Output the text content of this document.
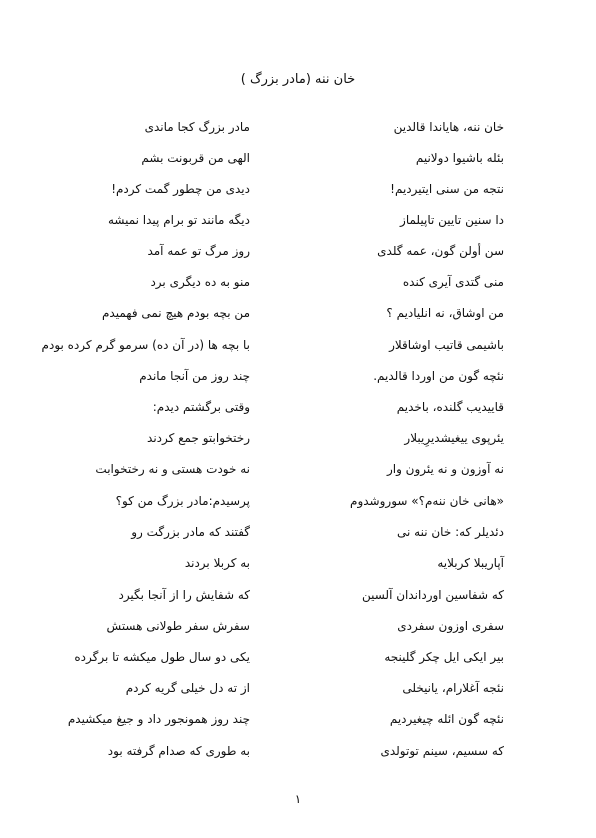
خان ننه (مادر بزرگ )
خان ننه، هایاندا قالدین
مادر بزرگ کجا ماندی
بئله باشیوا دولانیم
الهی من قربونت بشم
نتجه من سنی ایتیردیم!
دیدی من چطور گمت کردم!
دا سنین تایین تاپیلماز
دیگه مانند تو برام پیدا نمیشه
سن أولن گون، عمه گلدی
روز مرگ تو عمه آمد
منی گتدی آیری کنده
منو به ده دیگری برد
من اوشاق، نه انلیادیم ؟
من بچه بودم هیچ نمی فهمیدم
باشیمی قاتیب اوشاقلار
با بچه ها (در آن ده) سرمو گرم کرده بودم
نئچه گون من اوردا قالدیم.
چند روز من آنجا ماندم
قاییدیب گلنده، باخدیم
وقتی برگشتم دیدم:
یئرپوی ییغیشدیرِیبلار
رختخوابتو جمع کردند
نه آوزون و نه یئرون وار
نه خودت هستی و نه رختخوابت
«هانی خان ننه‌م؟» سوروشدوم
پرسیدم:مادر بزرگ من کو؟
دئدیلر که: خان ننه نی
گفتند که مادر بزرگت رو
آپاریبلا کربلایه
به کربلا بردند
که شفاسین اورداندان آلسین
که شفایش را از آنجا بگیرد
سفری اوزون سفردی
سفرش سفر طولانی هستش
بیر ایکی ایل چکر گلینجه
یکی دو سال طول میکشه تا برگرده
نئجه آغلارام، یانیخلی
از ته دل خیلی گریه کردم
نئچه گون ائله چیغیردیم
چند روز همونجور داد و جیغ میکشیدم
که سسیم، سینم توتولدی
به طوری که صدام گرفته بود
۱
